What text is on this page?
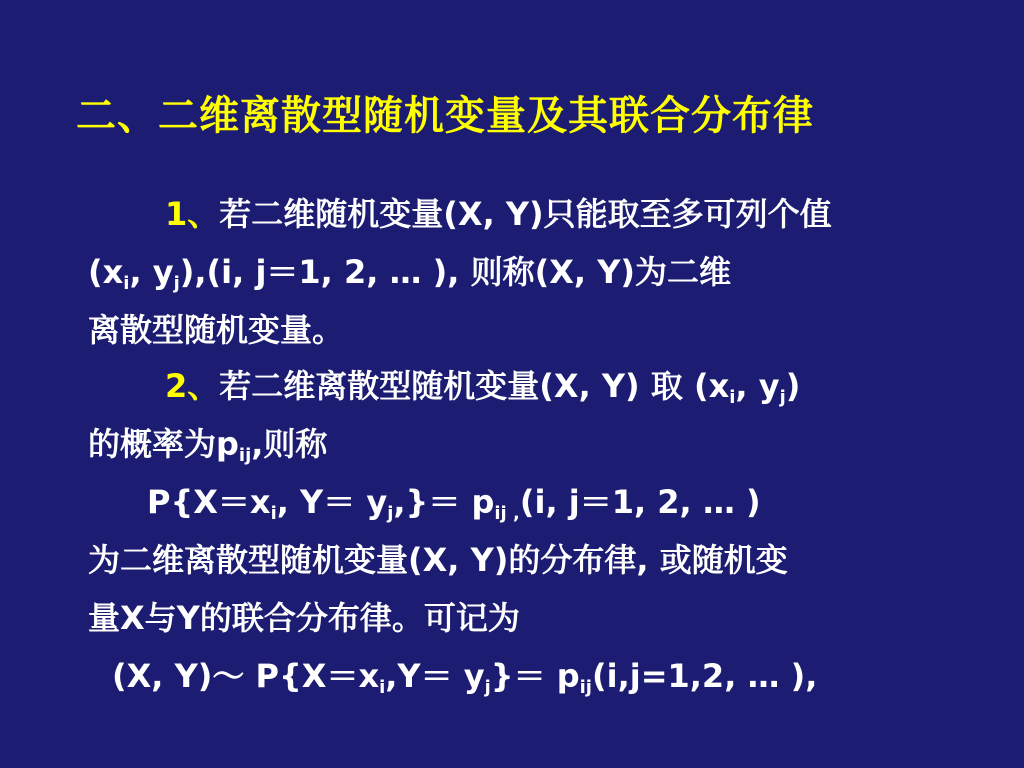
二、二维离散型随机变量及其联合分布律
1、若二维随机变量(X, Y)只能取至多可列个值
($x_i$, $y_j),(i$, j＝1, 2, … ), 则称(X, Y)为二维
离散型随机变量。
2、若二维离散型随机变量(X, Y) 取 ($x_i$, $y_j$)
的概率为$p_{ij}$,则称
$P\{X=x_i$, $Y= y_j,\}= p_{ij ,}(i$, j＝1, 2, … )
为二维离散型随机变量(X, Y)的分布律, 或随机变
量X与Y的联合分布律。可记为
(X, Y)～ $P\{X=x_i,Y= y_j\}= p_{ij}(i,j=1,2$, … ),
